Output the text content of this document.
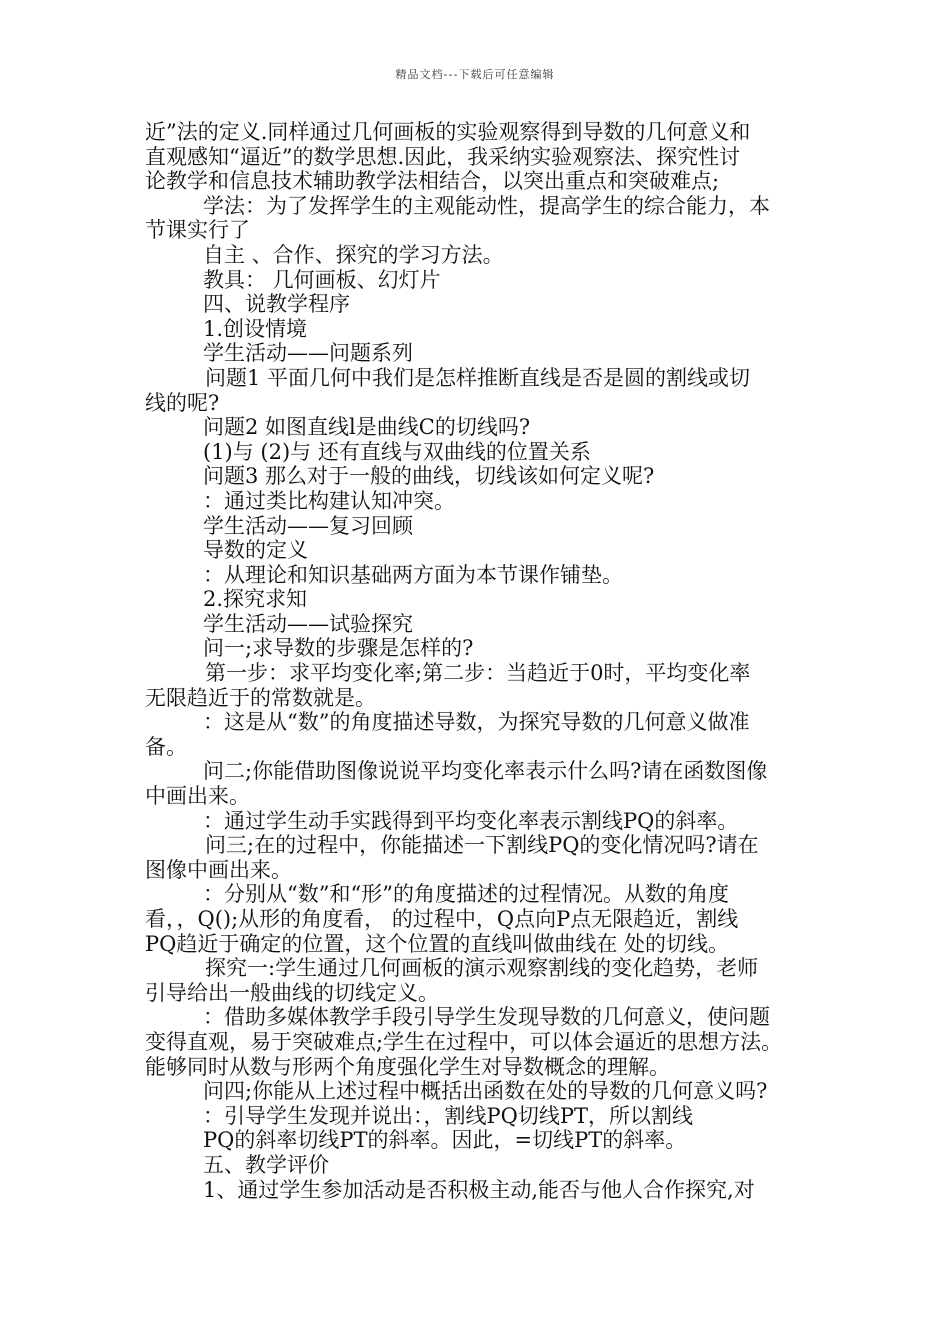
精品文档---下载后可任意编辑
近”法的定义.同样通过几何画板的实验观察得到导数的几何意义和
直观感知“逼近”的数学思想.因此，我采纳实验观察法、探究性讨
论教学和信息技术辅助教学法相结合，以突出重点和突破难点;
学法：为了发挥学生的主观能动性，提高学生的综合能力，本
节课实行了
自主 、合作、探究的学习方法。
教具： 几何画板、幻灯片
四、说教学程序
1.创设情境
学生活动——问题系列
问题1 平面几何中我们是怎样推断直线是否是圆的割线或切
线的呢?
问题2 如图直线l是曲线C的切线吗?
(1)与 (2)与 还有直线与双曲线的位置关系
问题3 那么对于一般的曲线，切线该如何定义呢?
：通过类比构建认知冲突。
学生活动——复习回顾
导数的定义
：从理论和知识基础两方面为本节课作铺垫。
2.探究求知
学生活动——试验探究
问一;求导数的步骤是怎样的?
第一步：求平均变化率;第二步：当趋近于0时，平均变化率
无限趋近于的常数就是。
：这是从“数”的角度描述导数，为探究导数的几何意义做准
备。
问二;你能借助图像说说平均变化率表示什么吗?请在函数图像
中画出来。
：通过学生动手实践得到平均变化率表示割线PQ的斜率。
问三;在的过程中，你能描述一下割线PQ的变化情况吗?请在
图像中画出来。
：分别从“数”和“形”的角度描述的过程情况。从数的角度
看，，Q();从形的角度看， 的过程中，Q点向P点无限趋近，割线
PQ趋近于确定的位置，这个位置的直线叫做曲线在 处的切线。
探究一:学生通过几何画板的演示观察割线的变化趋势，老师
引导给出一般曲线的切线定义。
：借助多媒体教学手段引导学生发现导数的几何意义，使问题
变得直观，易于突破难点;学生在过程中，可以体会逼近的思想方法。
能够同时从数与形两个角度强化学生对导数概念的理解。
问四;你能从上述过程中概括出函数在处的导数的几何意义吗?
：引导学生发现并说出：，割线PQ切线PT，所以割线
PQ的斜率切线PT的斜率。因此，=切线PT的斜率。
五、教学评价
1、通过学生参加活动是否积极主动,能否与他人合作探究,对
